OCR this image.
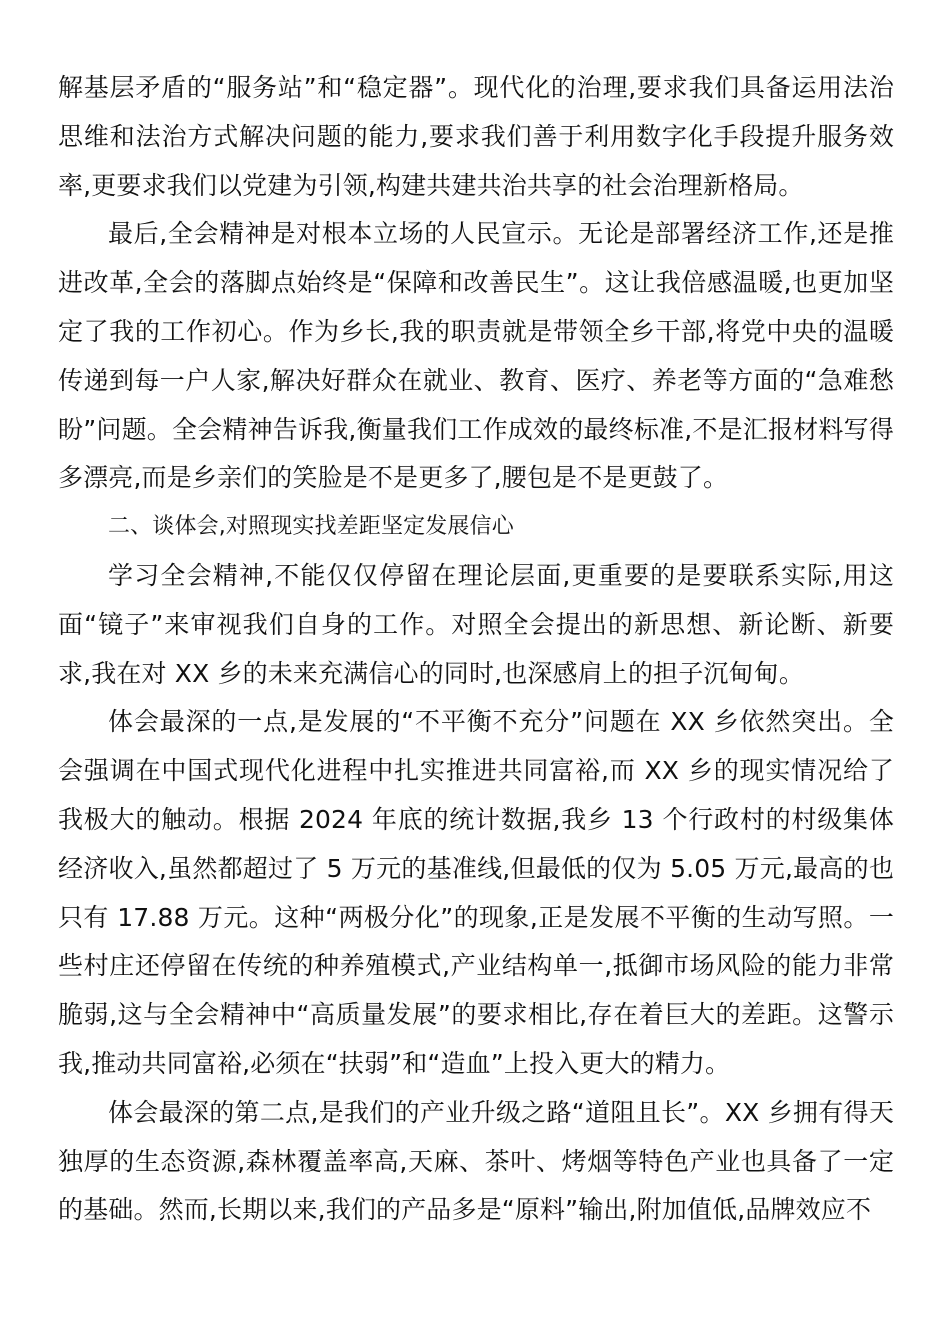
解基层矛盾的“服务站”和“稳定器”。现代化的治理,要求我们具备运用法治思维和法治方式解决问题的能力,要求我们善于利用数字化手段提升服务效率,更要求我们以党建为引领,构建共建共治共享的社会治理新格局。

最后,全会精神是对根本立场的人民宣示。无论是部署经济工作,还是推进改革,全会的落脚点始终是“保障和改善民生”。这让我倍感温暖,也更加坚定了我的工作初心。作为乡长,我的职责就是带领全乡干部,将党中央的温暖传递到每一户人家,解决好群众在就业、教育、医疗、养老等方面的“急难愁盼”问题。全会精神告诉我,衡量我们工作成效的最终标准,不是汇报材料写得多漂亮,而是乡亲们的笑脸是不是更多了,腰包是不是更鼓了。

二、谈体会,对照现实找差距坚定发展信心

学习全会精神,不能仅仅停留在理论层面,更重要的是要联系实际,用这面“镜子”来审视我们自身的工作。对照全会提出的新思想、新论断、新要求,我在对 XX 乡的未来充满信心的同时,也深感肩上的担子沉甸甸。

体会最深的一点,是发展的“不平衡不充分”问题在 XX 乡依然突出。全会强调在中国式现代化进程中扎实推进共同富裕,而 XX 乡的现实情况给了我极大的触动。根据 2024 年底的统计数据,我乡 13 个行政村的村级集体经济收入,虽然都超过了 5 万元的基准线,但最低的仅为 5.05 万元,最高的也只有 17.88 万元。这种“两极分化”的现象,正是发展不平衡的生动写照。一些村庄还停留在传统的种养殖模式,产业结构单一,抵御市场风险的能力非常脆弱,这与全会精神中“高质量发展”的要求相比,存在着巨大的差距。这警示我,推动共同富裕,必须在“扶弱”和“造血”上投入更大的精力。

体会最深的第二点,是我们的产业升级之路“道阻且长”。XX 乡拥有得天独厚的生态资源,森林覆盖率高,天麻、茶叶、烤烟等特色产业也具备了一定的基础。然而,长期以来,我们的产品多是“原料”输出,附加值低,品牌效应不
